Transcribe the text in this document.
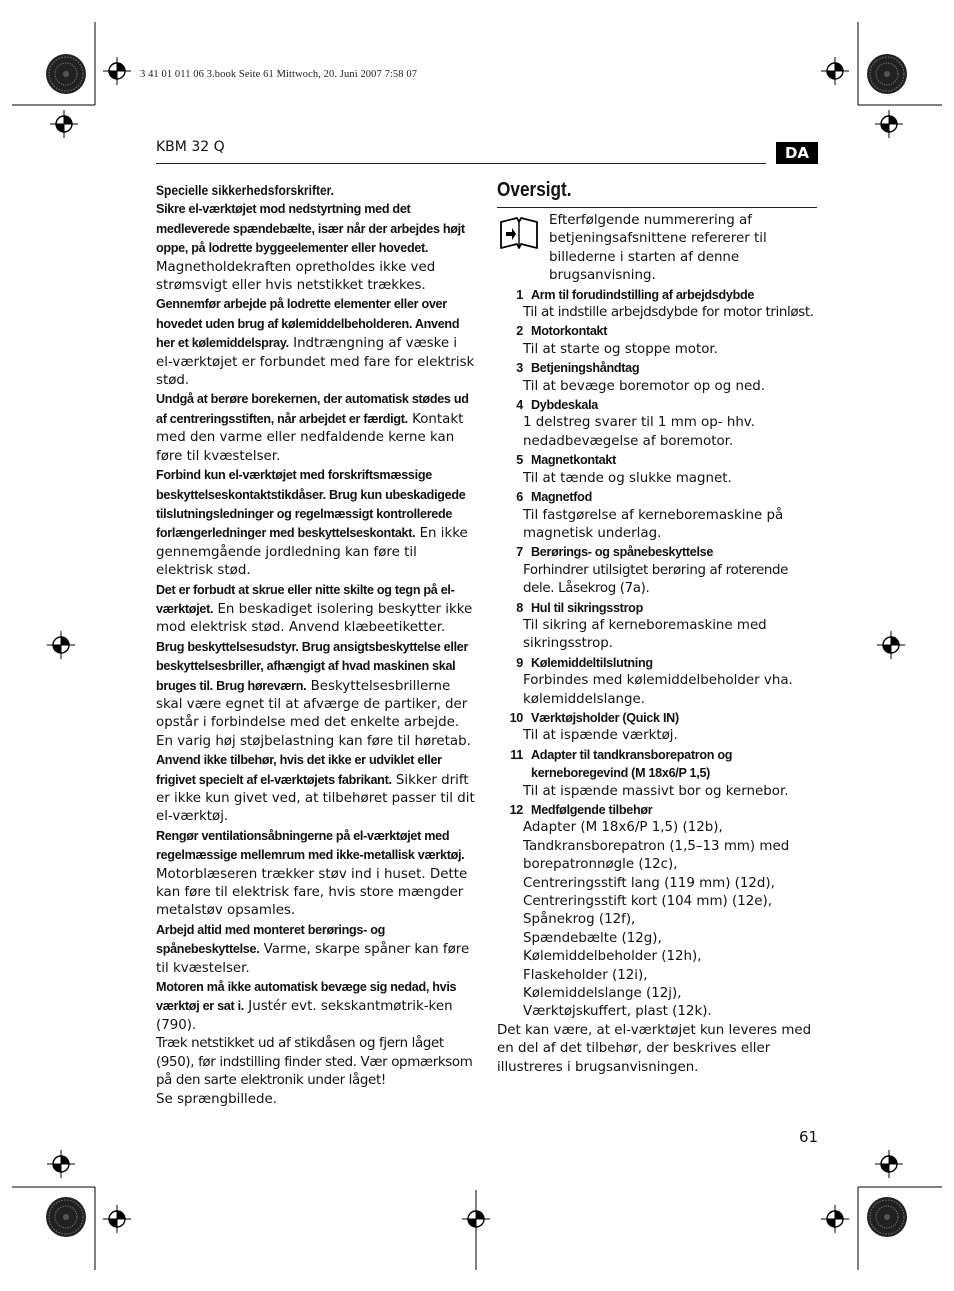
3 41 01 011 06 3.book Seite 61 Mittwoch, 20. Juni 2007 7:58 07
KBM 32 Q	DA
Specielle sikkerhedsforskrifter.

Sikre el-værktøjet mod nedstyrtning med det medleverede spændebælte, især når der arbejdes højt oppe, på lodrette byggeelementer eller hovedet. Magnetholdekraften opretholdes ikke ved strømsvigt eller hvis netstikket trækkes.

Gennemfør arbejde på lodrette elementer eller over hovedet uden brug af kølemiddelbeholderen. Anvend her et kølemiddelspray. Indtrængning af væske i el-værktøjet er forbundet med fare for elektrisk stød.

Undgå at berøre borekernen, der automatisk stødes ud af centreringsstiften, når arbejdet er færdigt. Kontakt med den varme eller nedfaldende kerne kan føre til kvæstelser.

Forbind kun el-værktøjet med forskriftsmæssige beskyttelseskontaktstikdåser. Brug kun ubeskadigede tilslutningsledninger og regelmæssigt kontrollerede forlængerledninger med beskyttelseskontakt. En ikke gennemgående jordledning kan føre til elektrisk stød.

Det er forbudt at skrue eller nitte skilte og tegn på el-værktøjet. En beskadiget isolering beskytter ikke mod elektrisk stød. Anvend klæbeetiketter.

Brug beskyttelsesudstyr. Brug ansigtsbeskyttelse eller beskyttelsesbriller, afhængigt af hvad maskinen skal bruges til. Brug høreværn. Beskyttelsesbrillerne skal være egnet til at afværge de partiker, der opstår i forbindelse med det enkelte arbejde. En varig høj støjbelastning kan føre til høretab.

Anvend ikke tilbehør, hvis det ikke er udviklet eller frigivet specielt af el-værktøjets fabrikant. Sikker drift er ikke kun givet ved, at tilbehøret passer til dit el-værktøj.

Rengør ventilationsåbningerne på el-værktøjet med regelmæssige mellemrum med ikke-metallisk værktøj. Motorblæseren trækker støv ind i huset. Dette kan føre til elektrisk fare, hvis store mængder metalstøv opsamles.

Arbejd altid med monteret berørings- og spånebeskyttelse. Varme, skarpe spåner kan føre til kvæstelser.

Motoren må ikke automatisk bevæge sig nedad, hvis værktøj er sat i. Justér evt. sekskantmøtrik-ken (790).

Træk netstikket ud af stikdåsen og fjern låget (950), før indstilling finder sted. Vær opmærksom på den sarte elektronik under låget!

Se sprængbillede.

Oversigt.
Efterfølgende nummerering af betjeningsafsnittene refererer til billederne i starten af denne brugsanvisning.
1 Arm til forudindstilling af arbejdsdybde
Til at indstille arbejdsdybde for motor trinløst.
2 Motorkontakt
Til at starte og stoppe motor.
3 Betjeningshåndtag
Til at bevæge boremotor op og ned.
4 Dybdeskala
1 delstreg svarer til 1 mm op- hhv. nedadbevægelse af boremotor.
5 Magnetkontakt
Til at tænde og slukke magnet.
6 Magnetfod
Til fastgørelse af kerneboremaskine på magnetisk underlag.
7 Berørings- og spånebeskyttelse
Forhindrer utilsigtet berøring af roterende dele. Låsekrog (7a).
8 Hul til sikringsstrop
Til sikring af kerneboremaskine med sikringsstrop.
9 Kølemiddeltilslutning
Forbindes med kølemiddelbeholder vha. kølemiddelslange.
10 Værktøjsholder (Quick IN)
Til at ispænde værktøj.
11 Adapter til tandkransborepatron og kerneboregevind (M 18x6/P 1,5)
Til at ispænde massivt bor og kernebor.
12 Medfølgende tilbehør
Adapter (M 18x6/P 1,5) (12b),
Tandkransborepatron (1,5–13 mm) med borepatronnøgle (12c),
Centreringsstift lang (119 mm) (12d),
Centreringsstift kort (104 mm) (12e),
Spånekrog (12f),
Spændebælte (12g),
Kølemiddelbeholder (12h),
Flaskeholder (12i),
Kølemiddelslange (12j),
Værktøjskuffert, plast (12k).
Det kan være, at el-værktøjet kun leveres med en del af det tilbehør, der beskrives eller illustreres i brugsanvisningen.
61
